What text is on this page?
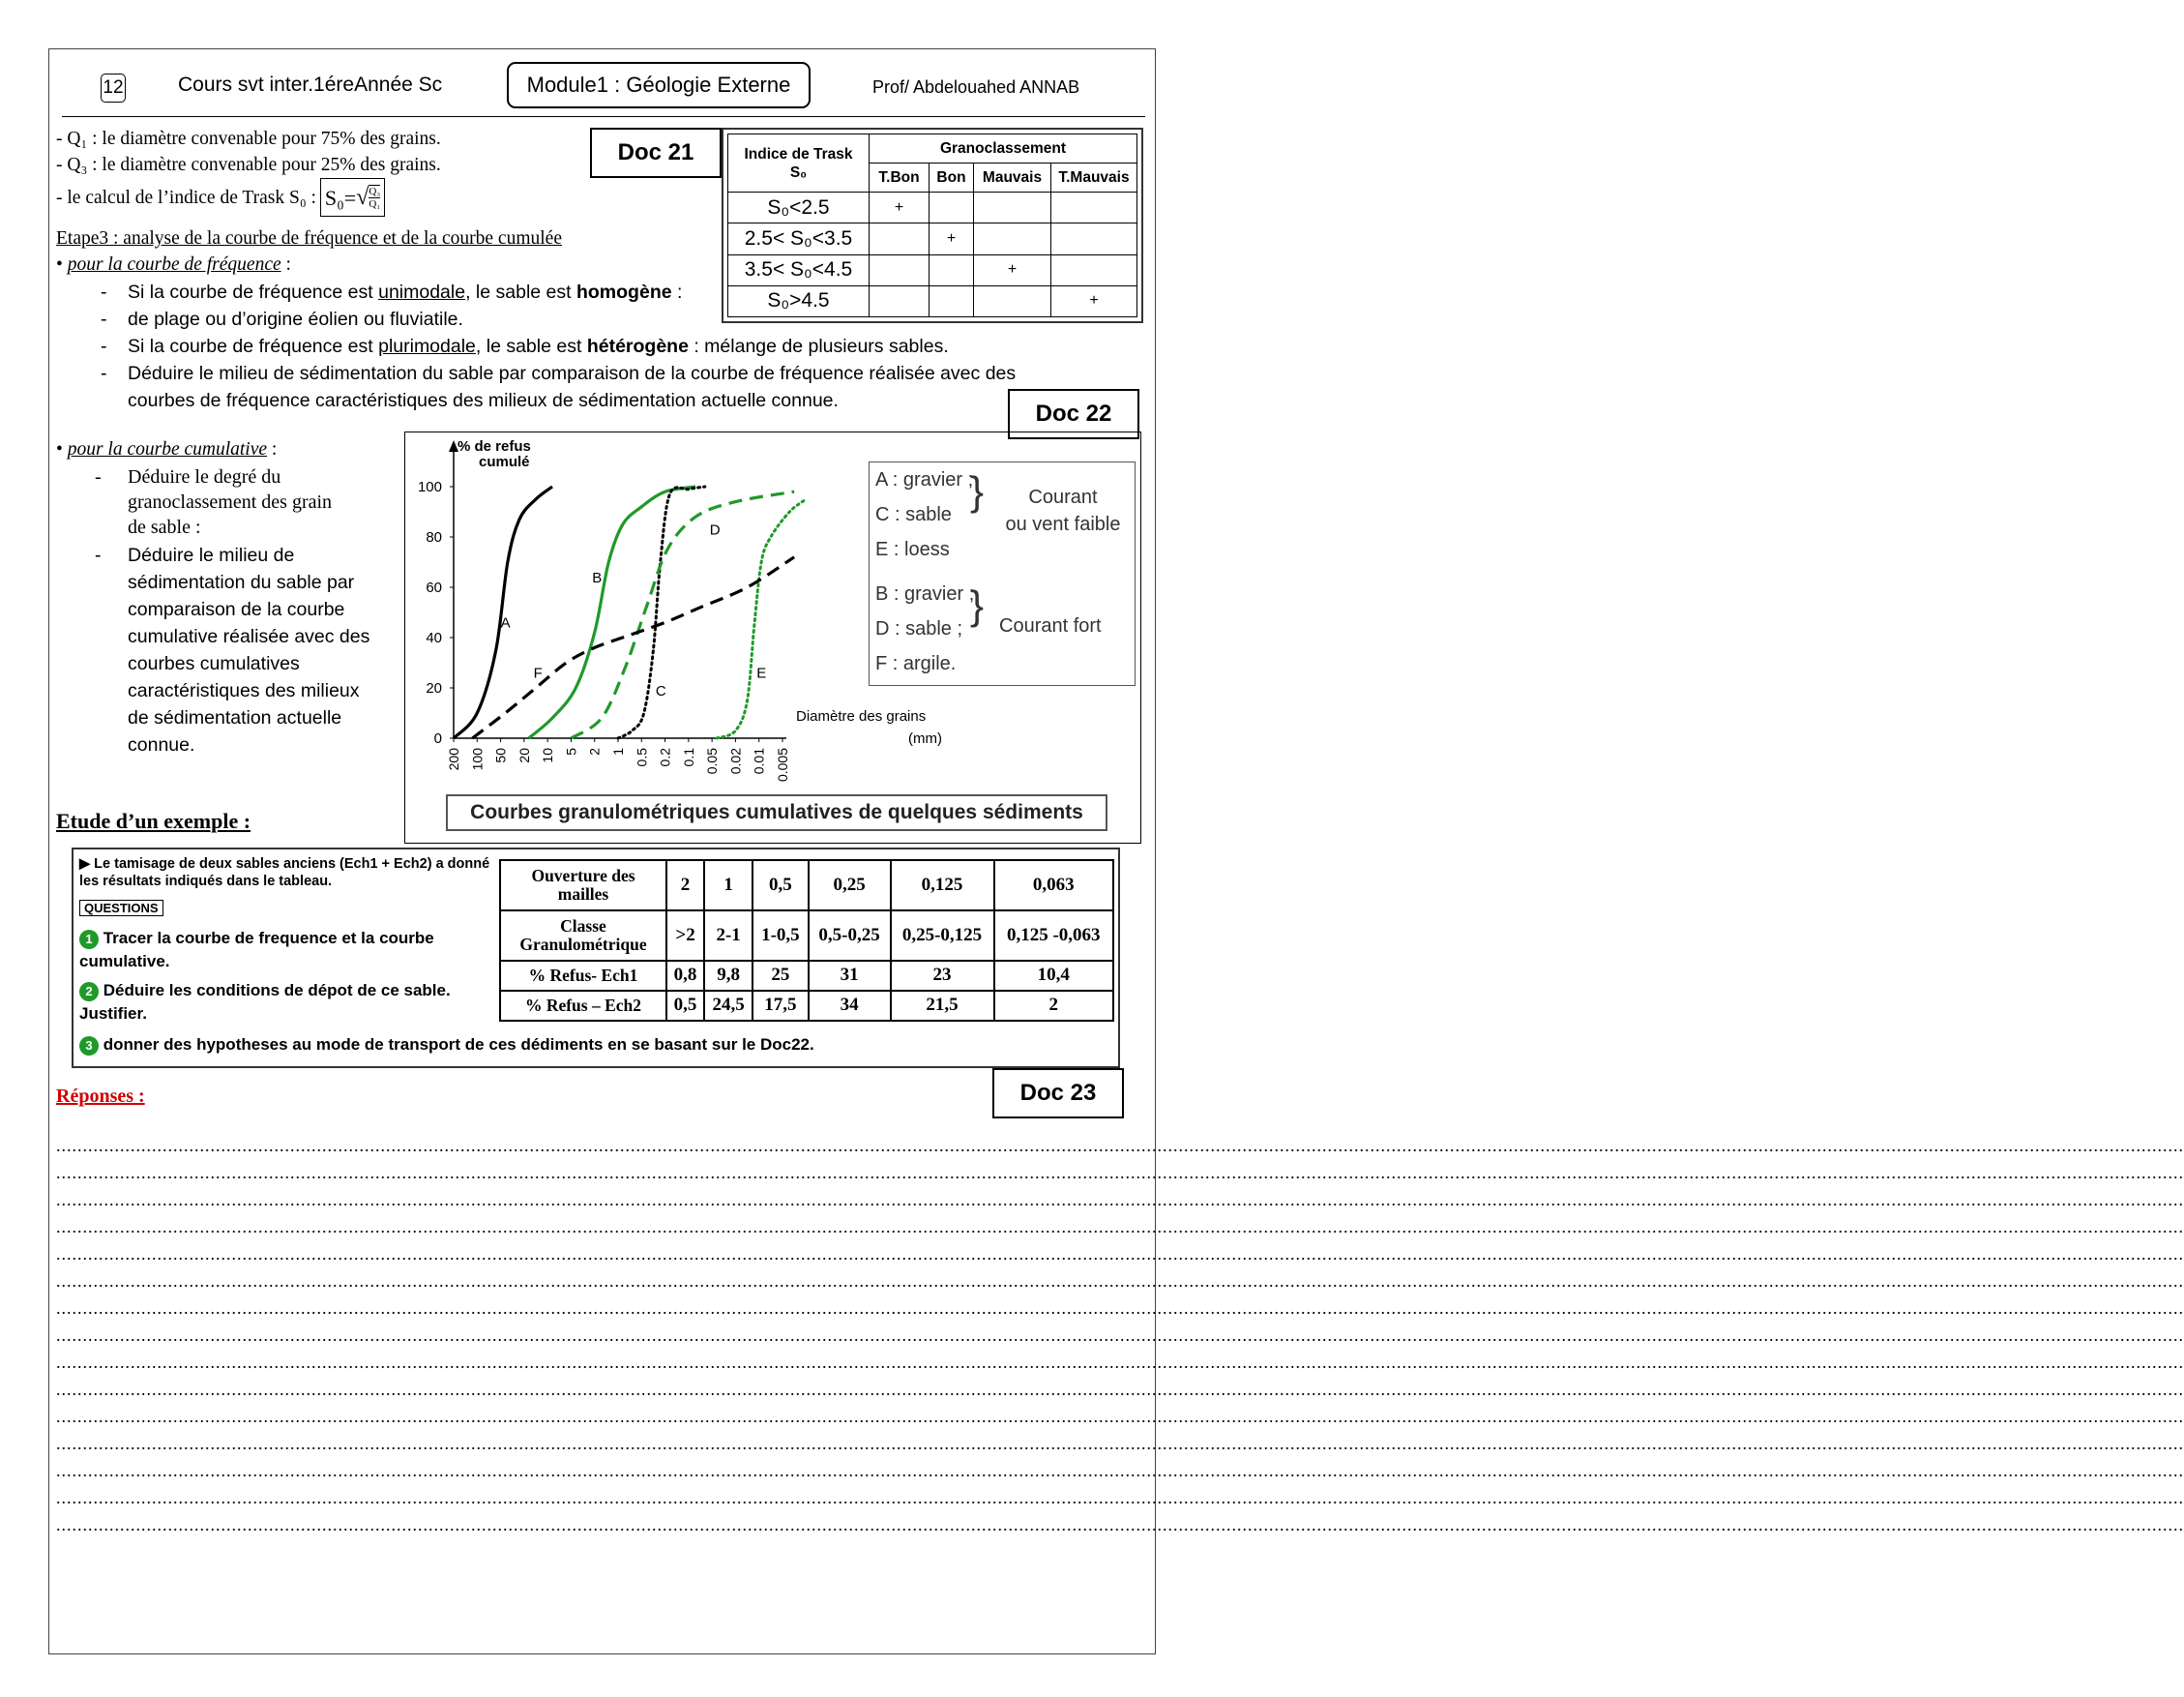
12	Cours svt inter.1éreAnnée Sc	Module1 : Géologie Externe	Prof/ Abdelouahed ANNAB
- Q₁ : le diamètre convenable pour 75% des grains.
- Q₃ : le diamètre convenable pour 25% des grains.
- le calcul de l’indice de Trask S₀ : S₀= √ $\frac{\text{Q₃}}{\text{Q₁}}$
Doc 21	Indice de Trask
S₀	Granoclassement			
	T.Bon	Bon	Mauvais	T.Mauvais
S₀<2.5	+			
2.5< S₀<3.5		+		
3.5< S₀<4.5			+	
S₀>4.5				+
Etape3 : analyse de la courbe de fréquence et de la courbe cumulée
• pour la courbe de fréquence :
- Si la courbe de fréquence est unimodale, le sable est homogène :
- de plage ou d’origine éolien ou fluviatile.
- Si la courbe de fréquence est plurimodale, le sable est hétérogène : mélange de plusieurs sables.
- Déduire le milieu de sédimentation du sable par comparaison de la courbe de fréquence réalisée avec des courbes de fréquence caractéristiques des milieux de sédimentation actuelle connue.	Doc 22
• pour la courbe cumulative :
- Déduire le degré du
granoclassement des grain
de sable :
- Déduire le milieu de
sédimentation du sable par
comparaison de la courbe
cumulative réalisée avec des
courbes cumulatives
caractéristiques des milieux
de sédimentation actuelle
connue.	0
20
40
60
80
100
200 100 50 20 10 5 2 1 0.5 0.2 0.1 0.05 0.02 0.01 0.005
A
B
C
D
E
F
% de refus
cumulé
Diamètre des grains
(mm)
A : gravier ;
C : sable
E : loess
}	Courant
ou vent faible
B : gravier ;
D : sable ;
F : argile.
} Courant fort
Courbes granulométriques cumulatives de quelques sédiments
Etude d’un exemple :
▶ Le tamisage de deux sables anciens (Ech1 + Ech2) a donné les résultats indiqués dans le tableau.
QUESTIONS
1 Tracer la courbe de frequence et la courbe cumulative.
2 Déduire les conditions de dépot de ce sable. Justifier.
3 donner des hypotheses au mode de transport de ces dédiments en se basant sur le Doc22.
Ouverture des mailles	2	1	0,5	0,25	0,125	0,063
Classe Granulométrique	>2	2-1	1-0,5	0,5-0,25	0,25-0,125	0,125 -0,063
% Refus- Ech1	0,8	9,8	25	31	23	10,4
% Refus – Ech2	0,5	24,5	17,5	34	21,5	2
Doc 23
Réponses :
................................................................................................................................................................................................................................................................................................................................................................................................................
................................................................................................................................................................................................................................................................................................................................................................................................................
................................................................................................................................................................................................................................................................................................................................................................................................................
................................................................................................................................................................................................................................................................................................................................................................................................................
................................................................................................................................................................................................................................................................................................................................................................................................................
................................................................................................................................................................................................................................................................................................................................................................................................................
................................................................................................................................................................................................................................................................................................................................................................................................................
................................................................................................................................................................................................................................................................................................................................................................................................................
................................................................................................................................................................................................................................................................................................................................................................................................................
................................................................................................................................................................................................................................................................................................................................................................................................................
................................................................................................................................................................................................................................................................................................................................................................................................................
................................................................................................................................................................................................................................................................................................................................................................................................................
................................................................................................................................................................................................................................................................................................................................................................................................................
................................................................................................................................................................................................................................................................................................................................................................................................................
................................................................................................................................................................................................................................................................................................................................................................................................................
